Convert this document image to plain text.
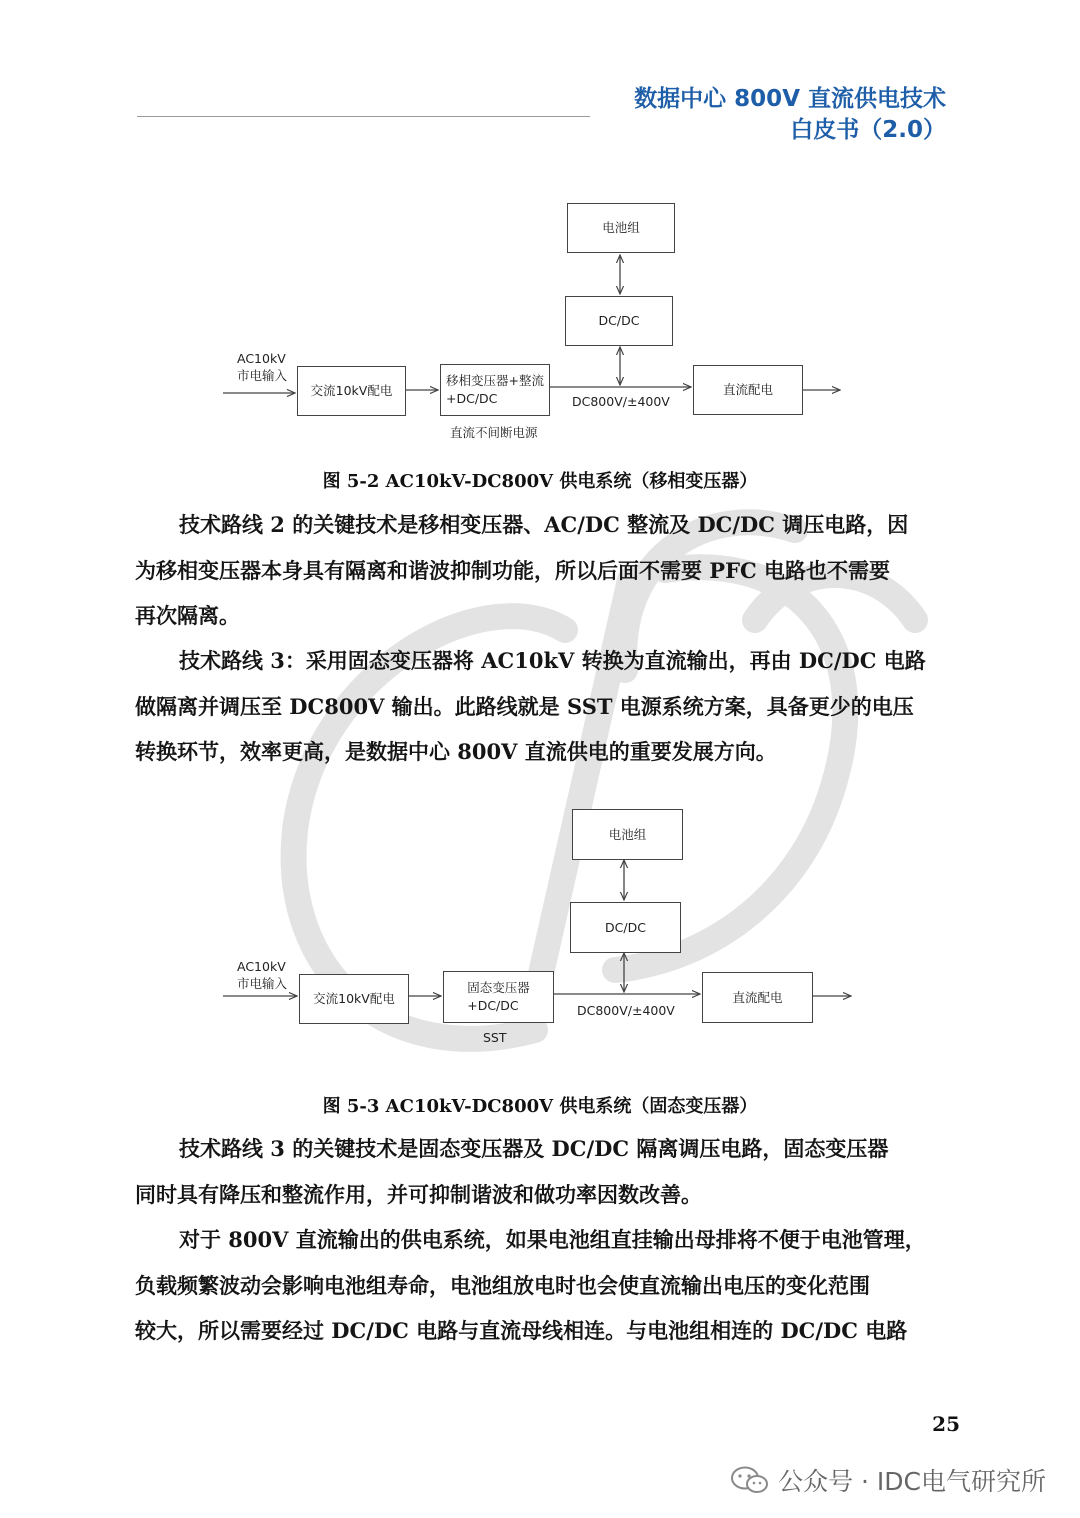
数据中心 800V 直流供电技术
白皮书（2.0）
电池组
DC/DC
AC10kV
市电输入
交流10kV配电
移相变压器+整流
+DC/DC
直流不间断电源
DC800V/±400V
直流配电
图 5-2 AC10kV-DC800V 供电系统（移相变压器）
技术路线 2 的关键技术是移相变压器、AC/DC 整流及 DC/DC 调压电路，因
为移相变压器本身具有隔离和谐波抑制功能，所以后面不需要 PFC 电路也不需要
再次隔离。
技术路线 3：采用固态变压器将 AC10kV 转换为直流输出，再由 DC/DC 电路
做隔离并调压至 DC800V 输出。此路线就是 SST 电源系统方案，具备更少的电压
转换环节，效率更高，是数据中心 800V 直流供电的重要发展方向。
电池组
DC/DC
AC10kV
市电输入
交流10kV配电
固态变压器
+DC/DC
SST
DC800V/±400V
直流配电
图 5-3 AC10kV-DC800V 供电系统（固态变压器）
技术路线 3 的关键技术是固态变压器及 DC/DC 隔离调压电路，固态变压器
同时具有降压和整流作用，并可抑制谐波和做功率因数改善。
对于 800V 直流输出的供电系统，如果电池组直挂输出母排将不便于电池管理，
负载频繁波动会影响电池组寿命，电池组放电时也会使直流输出电压的变化范围
较大，所以需要经过 DC/DC 电路与直流母线相连。与电池组相连的 DC/DC 电路
25
公众号 · IDC电气研究所
